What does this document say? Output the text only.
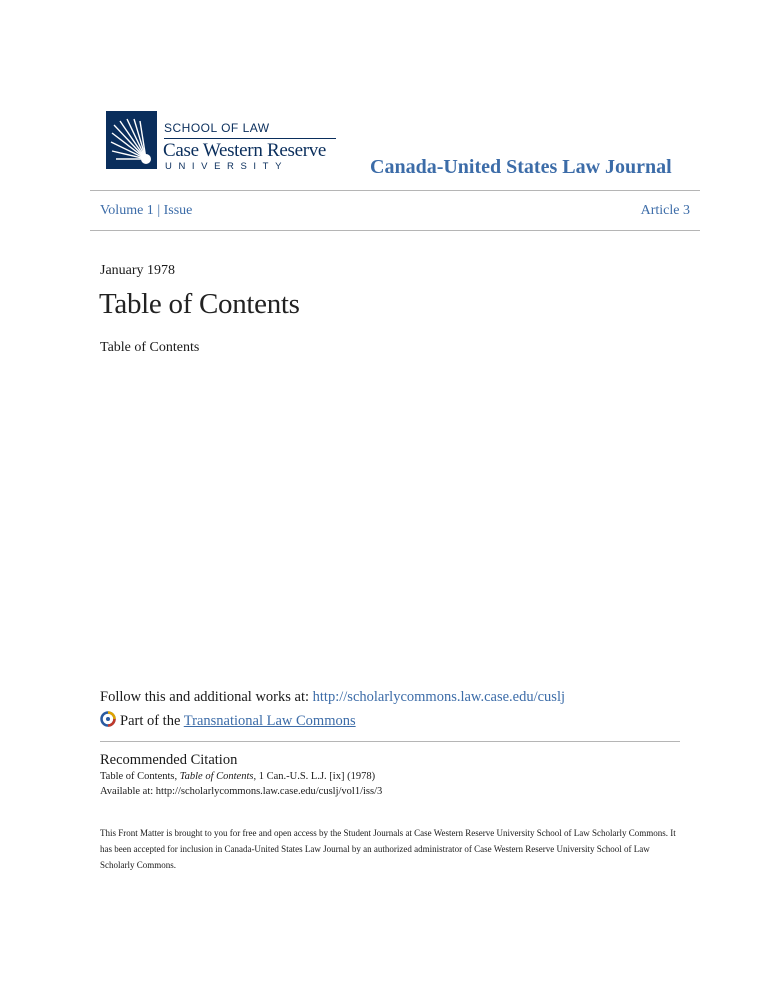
SCHOOL OF LAW
Case Western Reserve
UNIVERSITY	Canada-United States Law Journal
Volume 1 | Issue	Article 3
January 1978
Table of Contents
Table of Contents
Follow this and additional works at: http://scholarlycommons.law.case.edu/cuslj
Part of the Transnational Law Commons
Recommended Citation
Table of Contents, Table of Contents, 1 Can.-U.S. L.J. [ix] (1978)
Available at: http://scholarlycommons.law.case.edu/cuslj/vol1/iss/3
This Front Matter is brought to you for free and open access by the Student Journals at Case Western Reserve University School of Law Scholarly Commons. It has been accepted for inclusion in Canada-United States Law Journal by an authorized administrator of Case Western Reserve University School of Law Scholarly Commons.
